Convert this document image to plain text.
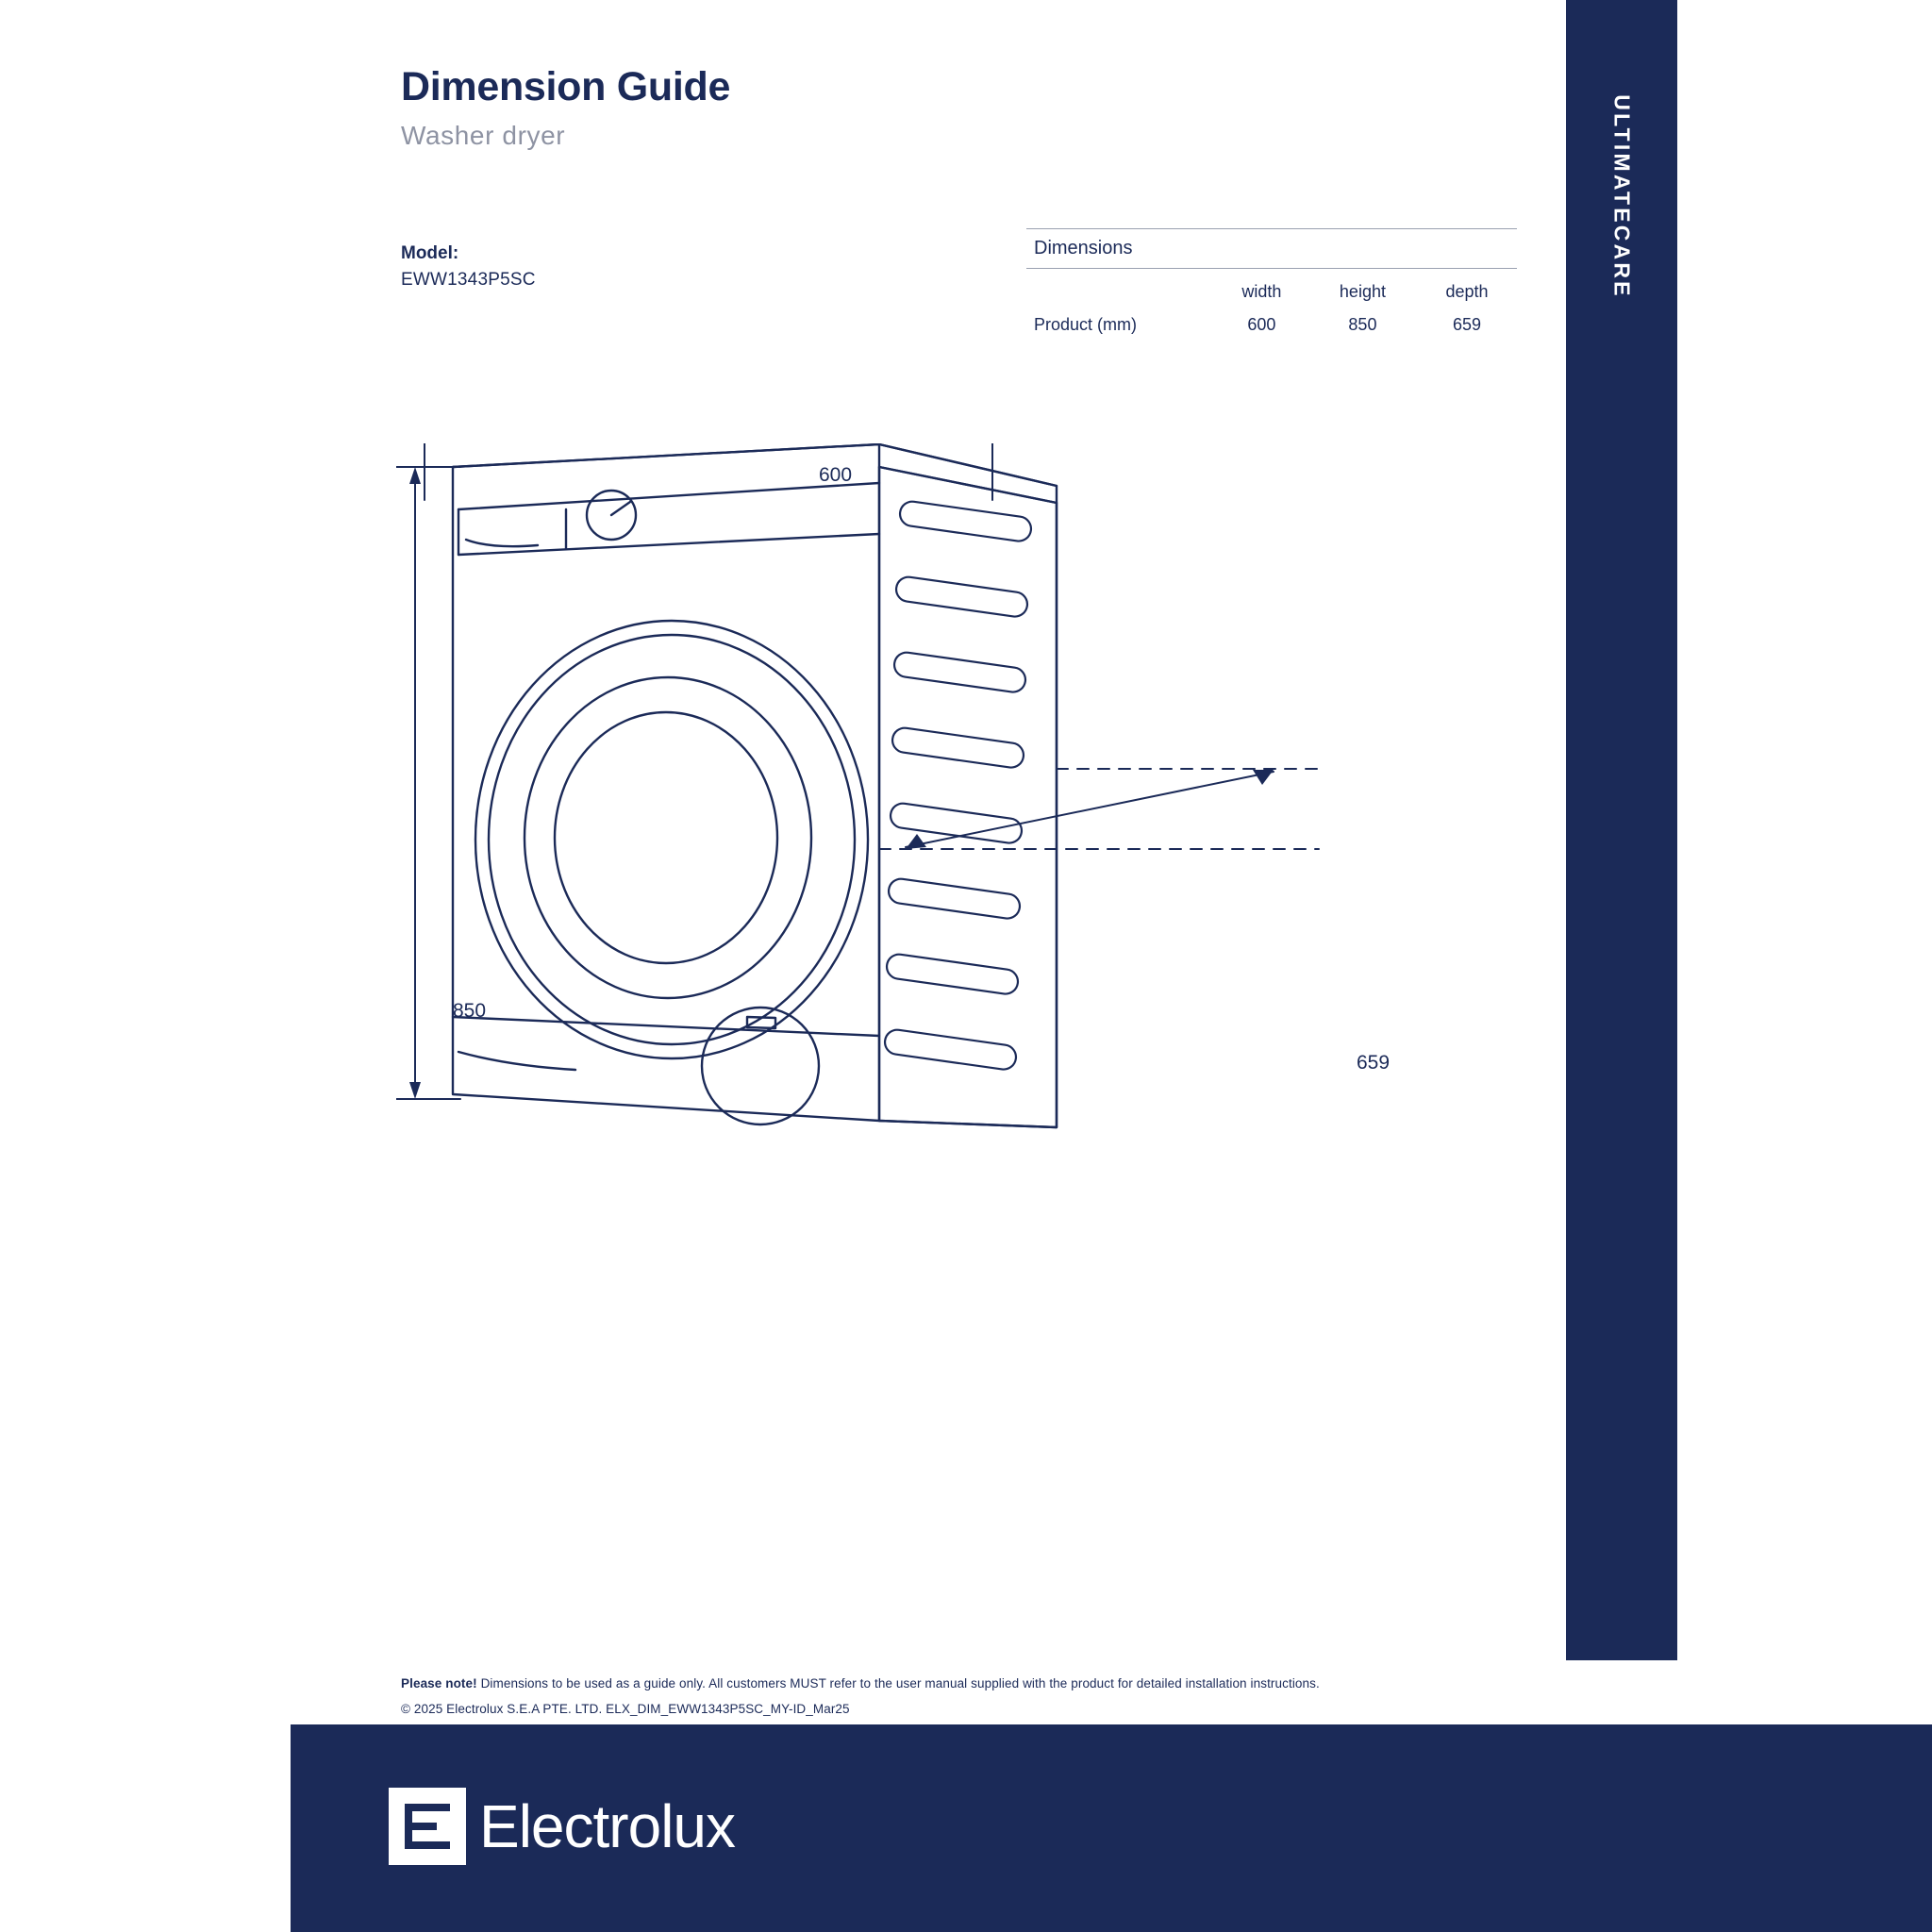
ULTIMATECARE
Dimension Guide
Washer dryer
Model:
EWW1343P5SC
Dimensions
	width	height	depth
Product (mm)	600	850	659
600
850
659
Please note! Dimensions to be used as a guide only. All customers MUST refer to the user manual supplied with the product for detailed installation instructions.
© 2025 Electrolux S.E.A PTE. LTD. ELX_DIM_EWW1343P5SC_MY-ID_Mar25
Electrolux
